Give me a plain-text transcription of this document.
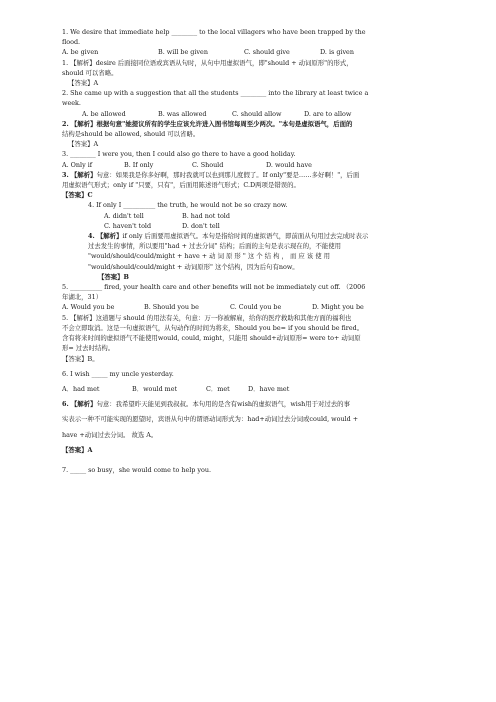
1. We desire that immediate help ________ to the local villagers who have been trapped by the
flood.
A. be given	B. will be given	C. should give	D. is given
1. 【解析】desire 后面接同位语或宾语从句时，从句中用虚拟语气，即"should + 动词原形"的形式，
should 可以省略。
【答案】A
2. She came up with a suggestion that all the students ________ into the library at least twice a
week.
A. be allowed	B. was allowed	C. should allow	D. are to allow
2. 【解析】根据句意"她提议所有的学生应该允许进入图书馆每周至少两次。"本句是虚拟语气，后面的
结构是should be allowed, should 可以省略。
【答案】A
3. ________ I were you, then I could also go there to have a good holiday.
A. Only if	B. If only	C. Should	D. would have
3. 【解析】句意：如果我是你多好啊，那时我就可以也到那儿度假了。If only"要是……多好啊！"，后面
用虚拟语气形式；only if "只要，只有"，后面用陈述语气形式；C.D两项是错误的。
【答案】C
4. If only I __________ the truth, he would not be so crazy now.
A. didn't tell	B. had not told
C. haven't told	D. don't tell
4. 【解析】if only 后面要用虚拟语气。本句是指给时间的虚拟语气，即前面从句用过去完成时表示
过去发生的事情，所以要用"had + 过去分词" 结构；后面的主句是表示现在的，不能使用
"would/should/could/might + have + 动 词 原 形 " 这 个 结 构 ， 而 应 该 使 用
"would/should/could/might + 动词原形" 这个结构，因为后句有now。
【答案】B
5. __________ fired, your health care and other benefits will not be immediately cut off. （2006
年湖北，31）
A. Would you be	B. Should you be	C. Could you be	D. Might you be
5. 【解析】这道题与 should 的用法有关，句意：万一你被解雇，给你的医疗救助和其他方面的福利也
不会立即取消。这是一句虚拟语气，从句动作的时间为将来，Should you be= if you should be fired。
含有将来时间的虚拟语气不能使用would, could, might，只能用 should+动词原形= were to+ 动词原
形= 过去时结构。
【答案】B。
6. I wish _____ my uncle yesterday.
A．had met	B．would met	C．met	D．have met
6. 【解析】句意：我希望昨天能见到我叔叔。本句用的是含有wish的虚拟语气，wish用于对过去的事
实表示一种不可能实现的愿望时，宾语从句中的谓语动词形式为：had+动词过去分词或could, would +
have +动词过去分词。 故选 A。
【答案】A
7. _____ so busy，she would come to help you.
